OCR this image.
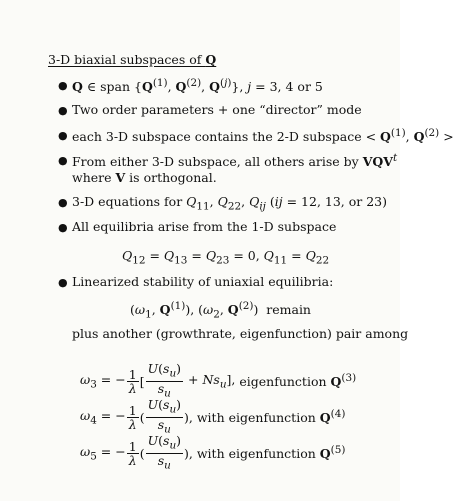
3-D biaxial subspaces of Q
● Q ∈ span {$Q^{(1)}$, $Q^{(2)}$, $Q^{(j)}$}, j = 3, 4 or 5
● Two order parameters + one “director” mode
● each 3-D subspace contains the 2-D subspace < $Q^{(1)}$, $Q^{(2)}$ >
● From either 3-D subspace, all others arise by VQV$^t$
where V is orthogonal.
● 3-D equations for $Q_{11}$, $Q_{22}$, $Q_{ij}$ (ij = 12, 13, or 23)
● All equilibria arise from the 1-D subspace
$Q_{12} = Q_{13} = Q_{23} = 0$, $Q_{11} = Q_{22}$
● Linearized stability of uniaxial equilibria:
($\omega_1$, $Q^{(1)}$), ($\omega_2$, $Q^{(2)}$)  remain
plus another (growthrate, eigenfunction) pair among
$\omega_3$ = − $\frac{1}{\lambda}$ [ $\frac{U(s_u)}{s_u} + Ns_u$], eigenfunction $Q^{(3)}$
$\omega_4$ = − $\frac{1}{\lambda}$ ( $\frac{U(s_u)}{s_u}$ ), with eigenfunction $Q^{(4)}$
$\omega_5$ = − $\frac{1}{\lambda}$ ( $\frac{U(s_u)}{s_u}$ ), with eigenfunction $Q^{(5)}$
